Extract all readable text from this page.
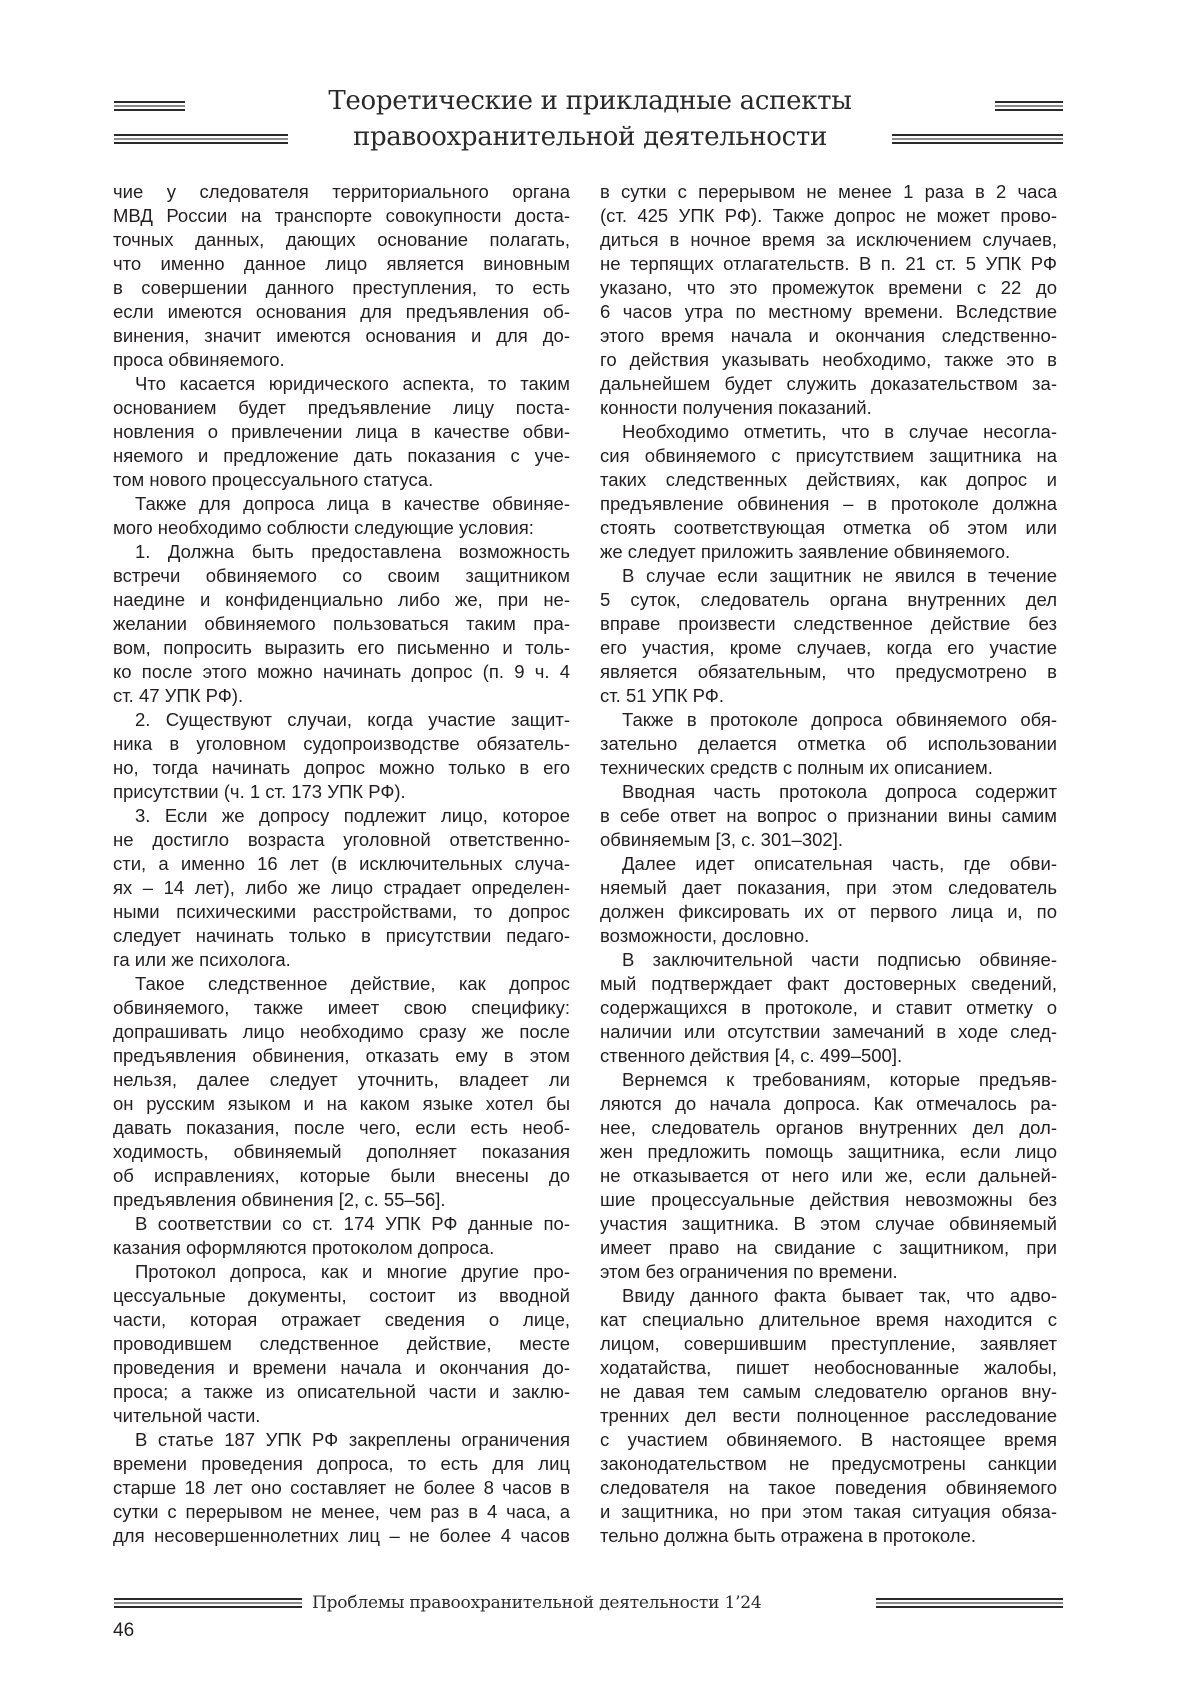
Теоретические и прикладные аспекты
правоохранительной деятельности
чие у следователя территориального органа
МВД России на транспорте совокупности доста-
точных данных, дающих основание полагать,
что именно данное лицо является виновным
в совершении данного преступления, то есть
если имеются основания для предъявления об-
винения, значит имеются основания и для до-
проса обвиняемого.
Что касается юридического аспекта, то таким
основанием будет предъявление лицу поста-
новления о привлечении лица в качестве обви-
няемого и предложение дать показания с уче-
том нового процессуального статуса.
Также для допроса лица в качестве обвиняе-
мого необходимо соблюсти следующие условия:
1. Должна быть предоставлена возможность
встречи обвиняемого со своим защитником
наедине и конфиденциально либо же, при не-
желании обвиняемого пользоваться таким пра-
вом, попросить выразить его письменно и толь-
ко после этого можно начинать допрос (п. 9 ч. 4
ст. 47 УПК РФ).
2. Существуют случаи, когда участие защит-
ника в уголовном судопроизводстве обязатель-
но, тогда начинать допрос можно только в его
присутствии (ч. 1 ст. 173 УПК РФ).
3. Если же допросу подлежит лицо, которое
не достигло возраста уголовной ответственно-
сти, а именно 16 лет (в исключительных случа-
ях – 14 лет), либо же лицо страдает определен-
ными психическими расстройствами, то допрос
следует начинать только в присутствии педаго-
га или же психолога.
Такое следственное действие, как допрос
обвиняемого, также имеет свою специфику:
допрашивать лицо необходимо сразу же после
предъявления обвинения, отказать ему в этом
нельзя, далее следует уточнить, владеет ли
он русским языком и на каком языке хотел бы
давать показания, после чего, если есть необ-
ходимость, обвиняемый дополняет показания
об исправлениях, которые были внесены до
предъявления обвинения [2, с. 55–56].
В соответствии со ст. 174 УПК РФ данные по-
казания оформляются протоколом допроса.
Протокол допроса, как и многие другие про-
цессуальные документы, состоит из вводной
части, которая отражает сведения о лице,
проводившем следственное действие, месте
проведения и времени начала и окончания до-
проса; а также из описательной части и заклю-
чительной части.
В статье 187 УПК РФ закреплены ограничения
времени проведения допроса, то есть для лиц
старше 18 лет оно составляет не более 8 часов в
сутки с перерывом не менее, чем раз в 4 часа, а
для несовершеннолетних лиц – не более 4 часов
в сутки с перерывом не менее 1 раза в 2 часа
(ст. 425 УПК РФ). Также допрос не может прово-
диться в ночное время за исключением случаев,
не терпящих отлагательств. В п. 21 ст. 5 УПК РФ
указано, что это промежуток времени с 22 до
6 часов утра по местному времени. Вследствие
этого время начала и окончания следственно-
го действия указывать необходимо, также это в
дальнейшем будет служить доказательством за-
конности получения показаний.
Необходимо отметить, что в случае несогла-
сия обвиняемого с присутствием защитника на
таких следственных действиях, как допрос и
предъявление обвинения – в протоколе должна
стоять соответствующая отметка об этом или
же следует приложить заявление обвиняемого.
В случае если защитник не явился в течение
5 суток, следователь органа внутренних дел
вправе произвести следственное действие без
его участия, кроме случаев, когда его участие
является обязательным, что предусмотрено в
ст. 51 УПК РФ.
Также в протоколе допроса обвиняемого обя-
зательно делается отметка об использовании
технических средств с полным их описанием.
Вводная часть протокола допроса содержит
в себе ответ на вопрос о признании вины самим
обвиняемым [3, с. 301–302].
Далее идет описательная часть, где обви-
няемый дает показания, при этом следователь
должен фиксировать их от первого лица и, по
возможности, дословно.
В заключительной части подписью обвиняе-
мый подтверждает факт достоверных сведений,
содержащихся в протоколе, и ставит отметку о
наличии или отсутствии замечаний в ходе след-
ственного действия [4, с. 499–500].
Вернемся к требованиям, которые предъяв-
ляются до начала допроса. Как отмечалось ра-
нее, следователь органов внутренних дел дол-
жен предложить помощь защитника, если лицо
не отказывается от него или же, если дальней-
шие процессуальные действия невозможны без
участия защитника. В этом случае обвиняемый
имеет право на свидание с защитником, при
этом без ограничения по времени.
Ввиду данного факта бывает так, что адво-
кат специально длительное время находится с
лицом, совершившим преступление, заявляет
ходатайства, пишет необоснованные жалобы,
не давая тем самым следователю органов вну-
тренних дел вести полноценное расследование
с участием обвиняемого. В настоящее время
законодательством не предусмотрены санкции
следователя на такое поведения обвиняемого
и защитника, но при этом такая ситуация обяза-
тельно должна быть отражена в протоколе.
Проблемы правоохранительной деятельности 1’24
46
